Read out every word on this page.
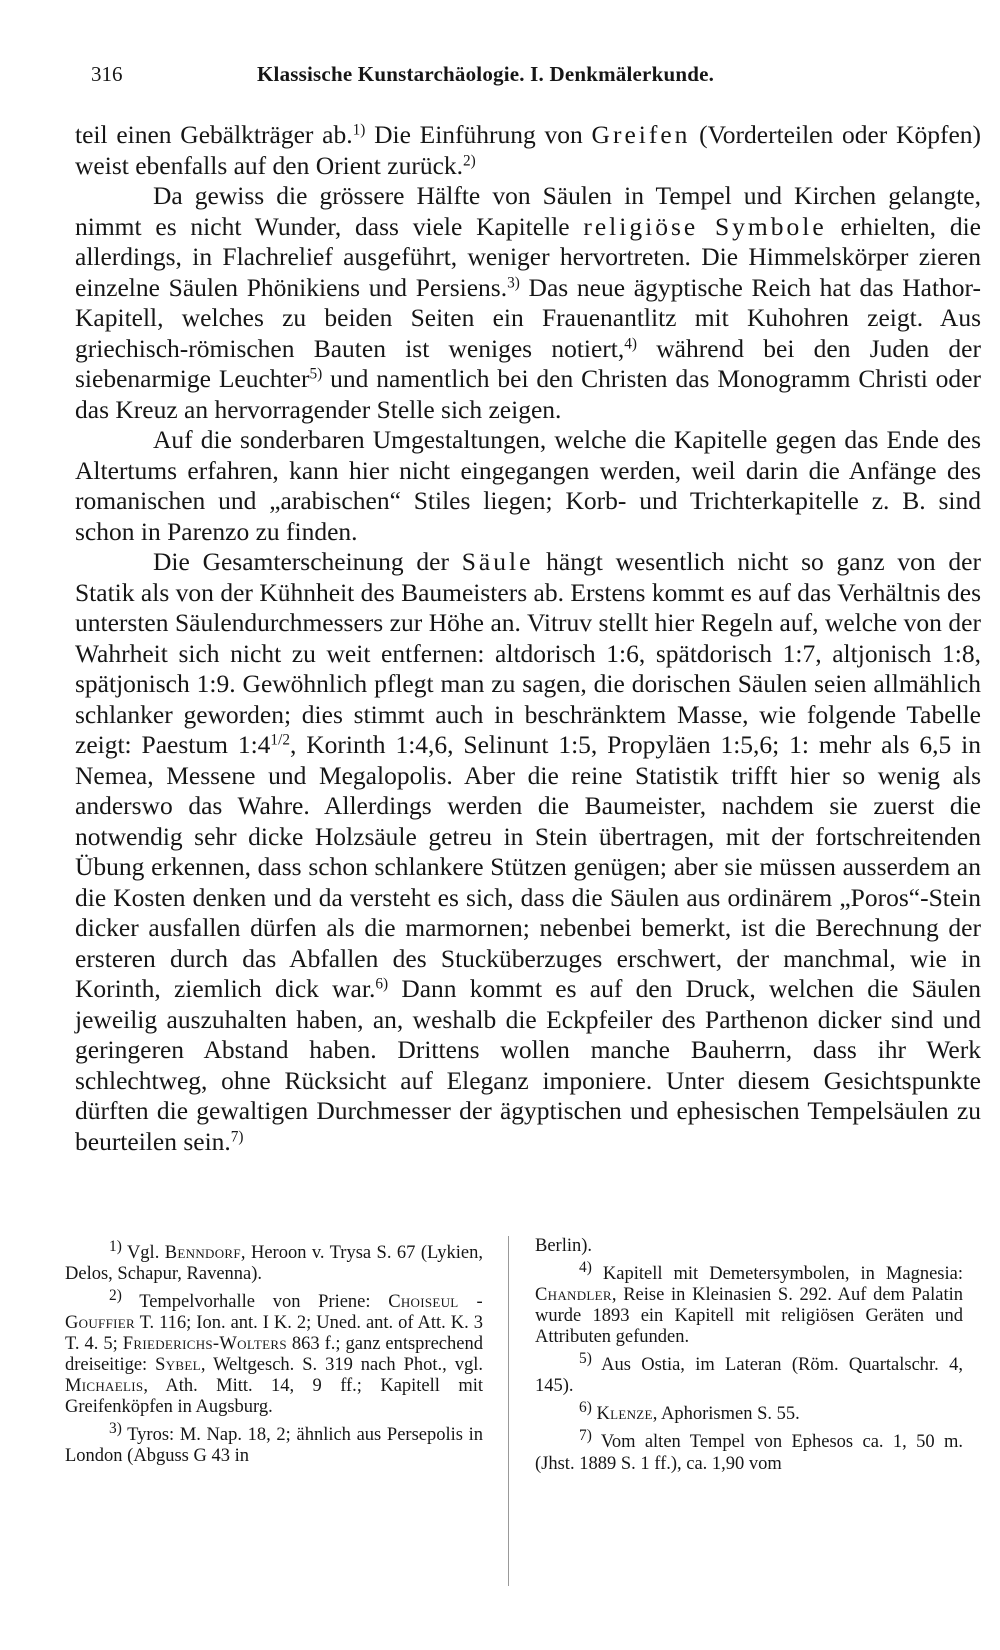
316	Klassische Kunstarchäologie. I. Denkmälerkunde.

teil einen Gebälkträger ab.$^{1)}$ Die Einführung von Greifen (Vorderteilen oder Köpfen) weist ebenfalls auf den Orient zurück.$^{2)}$

Da gewiss die grössere Hälfte von Säulen in Tempel und Kirchen gelangte, nimmt es nicht Wunder, dass viele Kapitelle religiöse Symbole erhielten, die allerdings, in Flachrelief ausgeführt, weniger hervortreten. Die Himmelskörper zieren einzelne Säulen Phönikiens und Persiens.$^{3)}$ Das neue ägyptische Reich hat das Hathor-Kapitell, welches zu beiden Seiten ein Frauenantlitz mit Kuhohren zeigt. Aus griechisch-römischen Bauten ist weniges notiert,$^{4)}$ während bei den Juden der siebenarmige Leuchter$^{5)}$ und namentlich bei den Christen das Monogramm Christi oder das Kreuz an hervorragender Stelle sich zeigen.

Auf die sonderbaren Umgestaltungen, welche die Kapitelle gegen das Ende des Altertums erfahren, kann hier nicht eingegangen werden, weil darin die Anfänge des romanischen und „arabischen“ Stiles liegen; Korb- und Trichterkapitelle z. B. sind schon in Parenzo zu finden.

Die Gesamterscheinung der Säule hängt wesentlich nicht so ganz von der Statik als von der Kühnheit des Baumeisters ab. Erstens kommt es auf das Verhältnis des untersten Säulendurchmessers zur Höhe an. Vitruv stellt hier Regeln auf, welche von der Wahrheit sich nicht zu weit entfernen: altdorisch 1:6, spätdorisch 1:7, altjonisch 1:8, spätjonisch 1:9. Gewöhnlich pflegt man zu sagen, die dorischen Säulen seien allmählich schlanker geworden; dies stimmt auch in beschränktem Masse, wie folgende Tabelle zeigt: Paestum $1:4^{1/2}$, Korinth 1:4,6, Selinunt 1:5, Propyläen 1:5,6; 1: mehr als 6,5 in Nemea, Messene und Megalopolis. Aber die reine Statistik trifft hier so wenig als anderswo das Wahre. Allerdings werden die Baumeister, nachdem sie zuerst die notwendig sehr dicke Holzsäule getreu in Stein übertragen, mit der fortschreitenden Übung erkennen, dass schon schlankere Stützen genügen; aber sie müssen ausserdem an die Kosten denken und da versteht es sich, dass die Säulen aus ordinärem „Poros“-Stein dicker ausfallen dürfen als die marmornen; nebenbei bemerkt, ist die Berechnung der ersteren durch das Abfallen des Stucküberzuges erschwert, der manchmal, wie in Korinth, ziemlich dick war.$^{6)}$ Dann kommt es auf den Druck, welchen die Säulen jeweilig auszuhalten haben, an, weshalb die Eckpfeiler des Parthenon dicker sind und geringeren Abstand haben. Drittens wollen manche Bauherrn, dass ihr Werk schlechtweg, ohne Rücksicht auf Eleganz imponiere. Unter diesem Gesichtspunkte dürften die gewaltigen Durchmesser der ägyptischen und ephesischen Tempelsäulen zu beurteilen sein.$^{7)}$

$^{1)}$ Vgl. Benndorf, Heroon v. Trysa S. 67 (Lykien, Delos, Schapur, Ravenna).

$^{2)}$ Tempelvorhalle von Priene: Choiseul - Gouffier T. 116; Ion. ant. I K. 2; Uned. ant. of Att. K. 3 T. 4. 5; Friederichs-Wolters 863 f.; ganz entsprechend dreiseitige: Sybel, Weltgesch. S. 319 nach Phot., vgl. Michaelis, Ath. Mitt. 14, 9 ff.; Kapitell mit Greifenköpfen in Augsburg.

$^{3)}$ Tyros: M. Nap. 18, 2; ähnlich aus Persepolis in London (Abguss G 43 in

Berlin).

$^{4)}$ Kapitell mit Demetersymbolen, in Magnesia: Chandler, Reise in Kleinasien S. 292. Auf dem Palatin wurde 1893 ein Kapitell mit religiösen Geräten und Attributen gefunden.

$^{5)}$ Aus Ostia, im Lateran (Röm. Quartalschr. 4, 145).

$^{6)}$ Klenze, Aphorismen S. 55.

$^{7)}$ Vom alten Tempel von Ephesos ca. 1, 50 m. (Jhst. 1889 S. 1 ff.), ca. 1,90 vom
